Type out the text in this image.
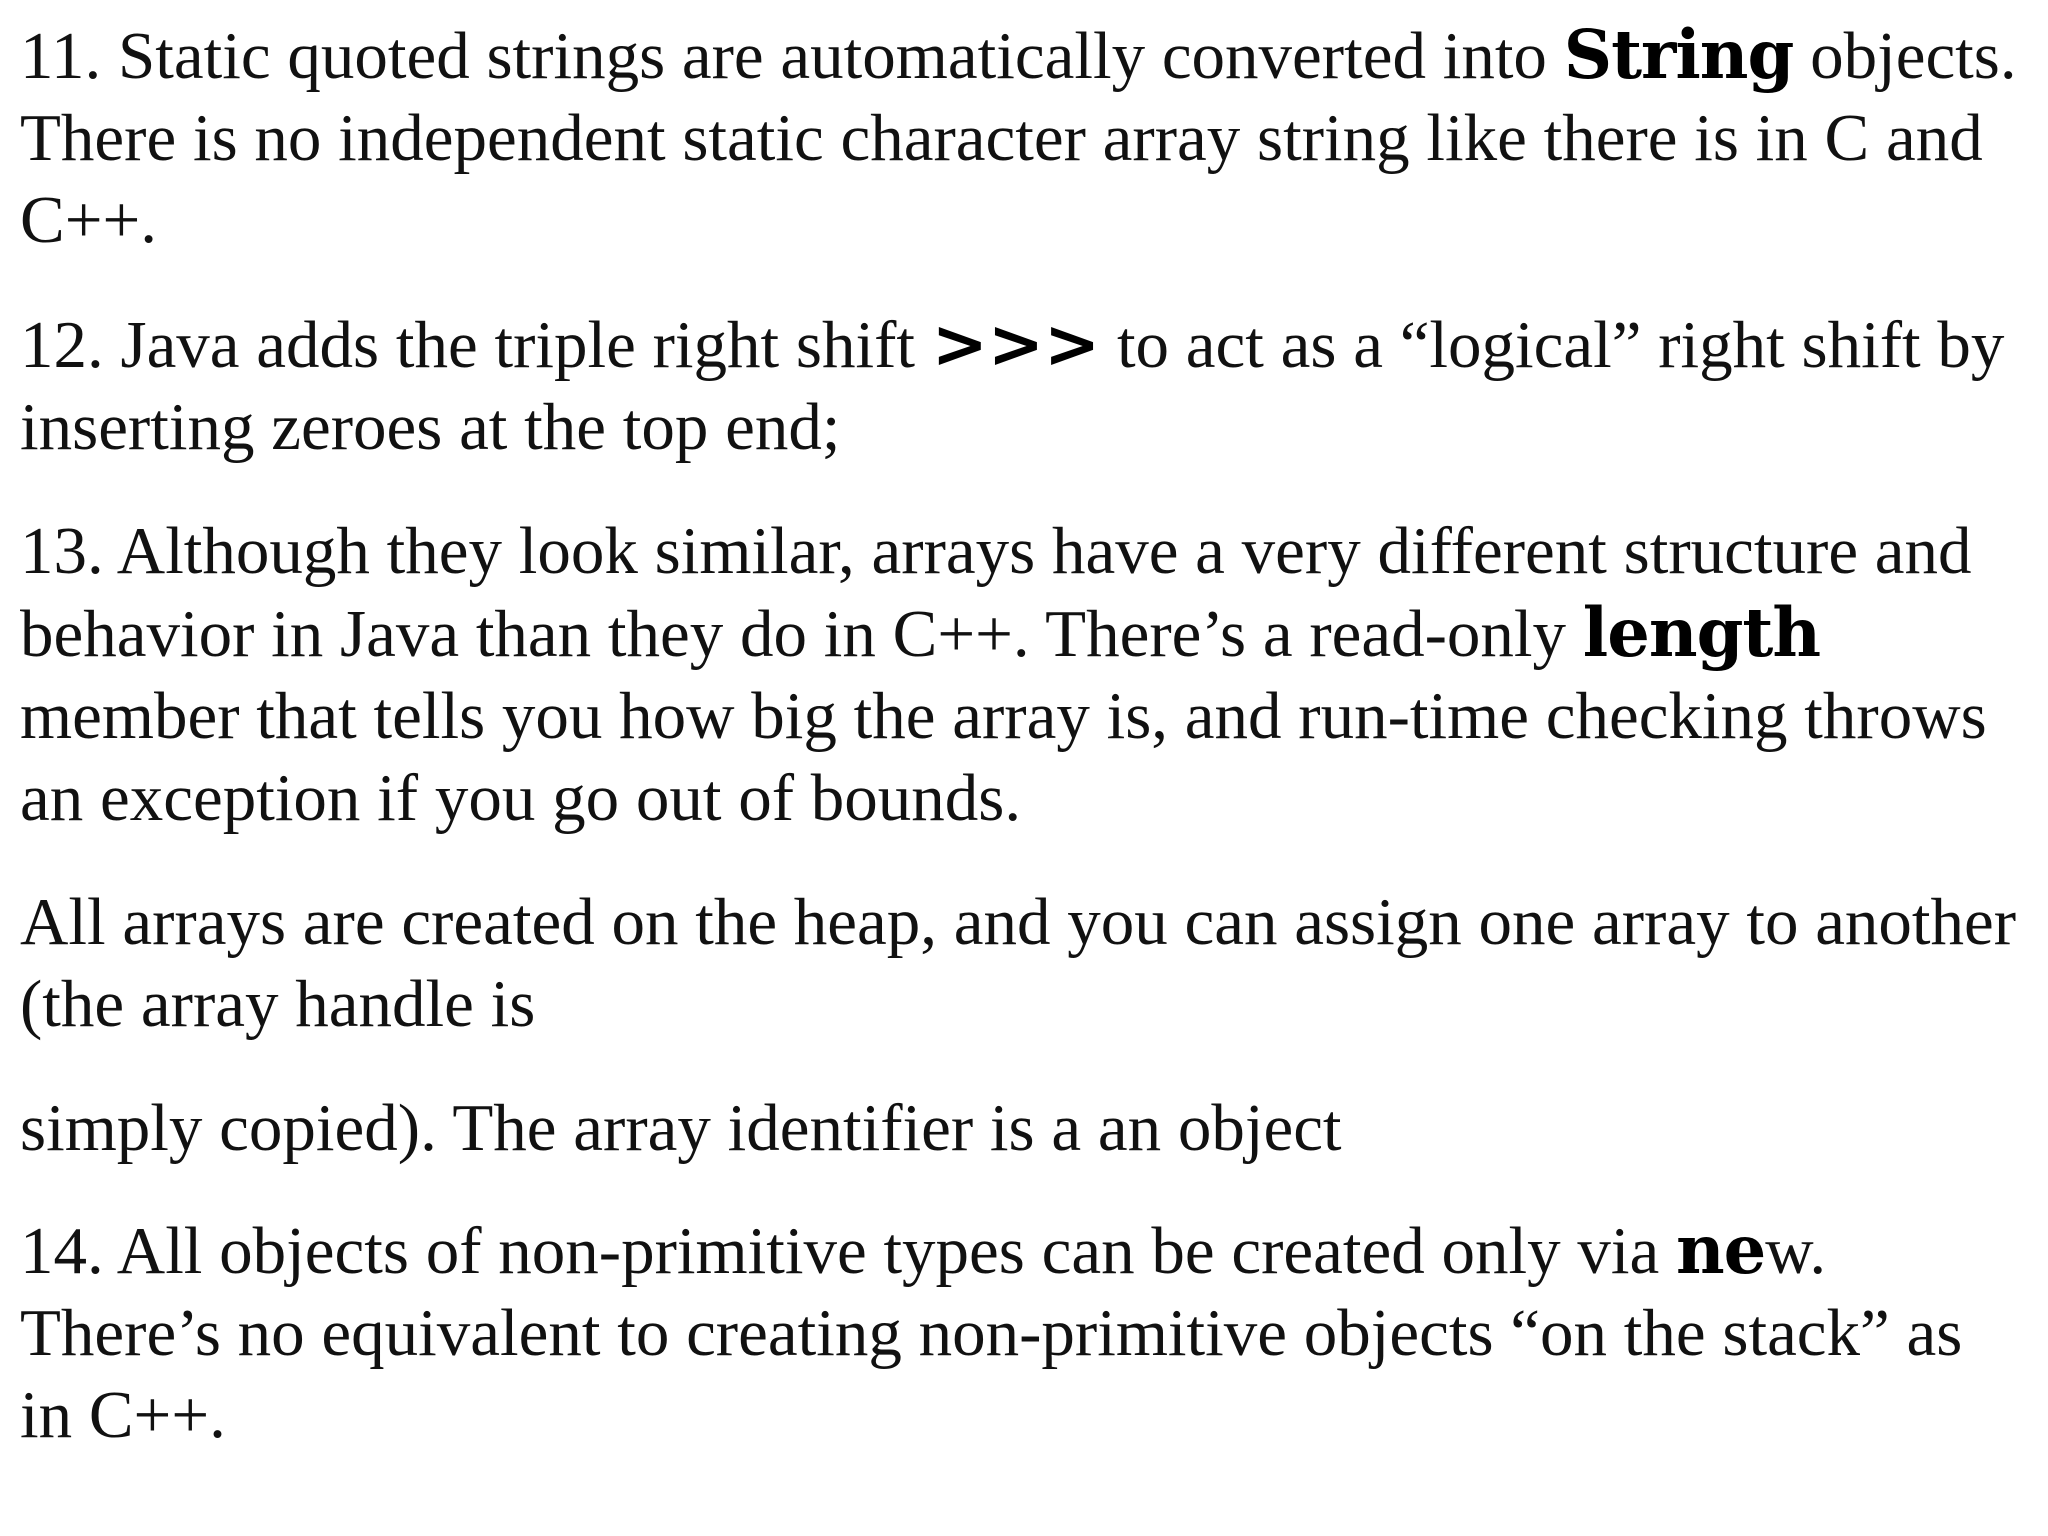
11. Static quoted strings are automatically converted into String objects. There is no independent static character array string like there is in C and C++.

12. Java adds the triple right shift >>> to act as a “logical” right shift by inserting zeroes at the top end;

13. Although they look similar, arrays have a very different structure and behavior in Java than they do in C++. There’s a read-only length member that tells you how big the array is, and run-time checking throws an exception if you go out of bounds.

All arrays are created on the heap, and you can assign one array to another (the array handle is

simply copied). The array identifier is a an object

14. All objects of non-primitive types can be created only via new. There’s no equivalent to creating non-primitive objects “on the stack” as in C++.
